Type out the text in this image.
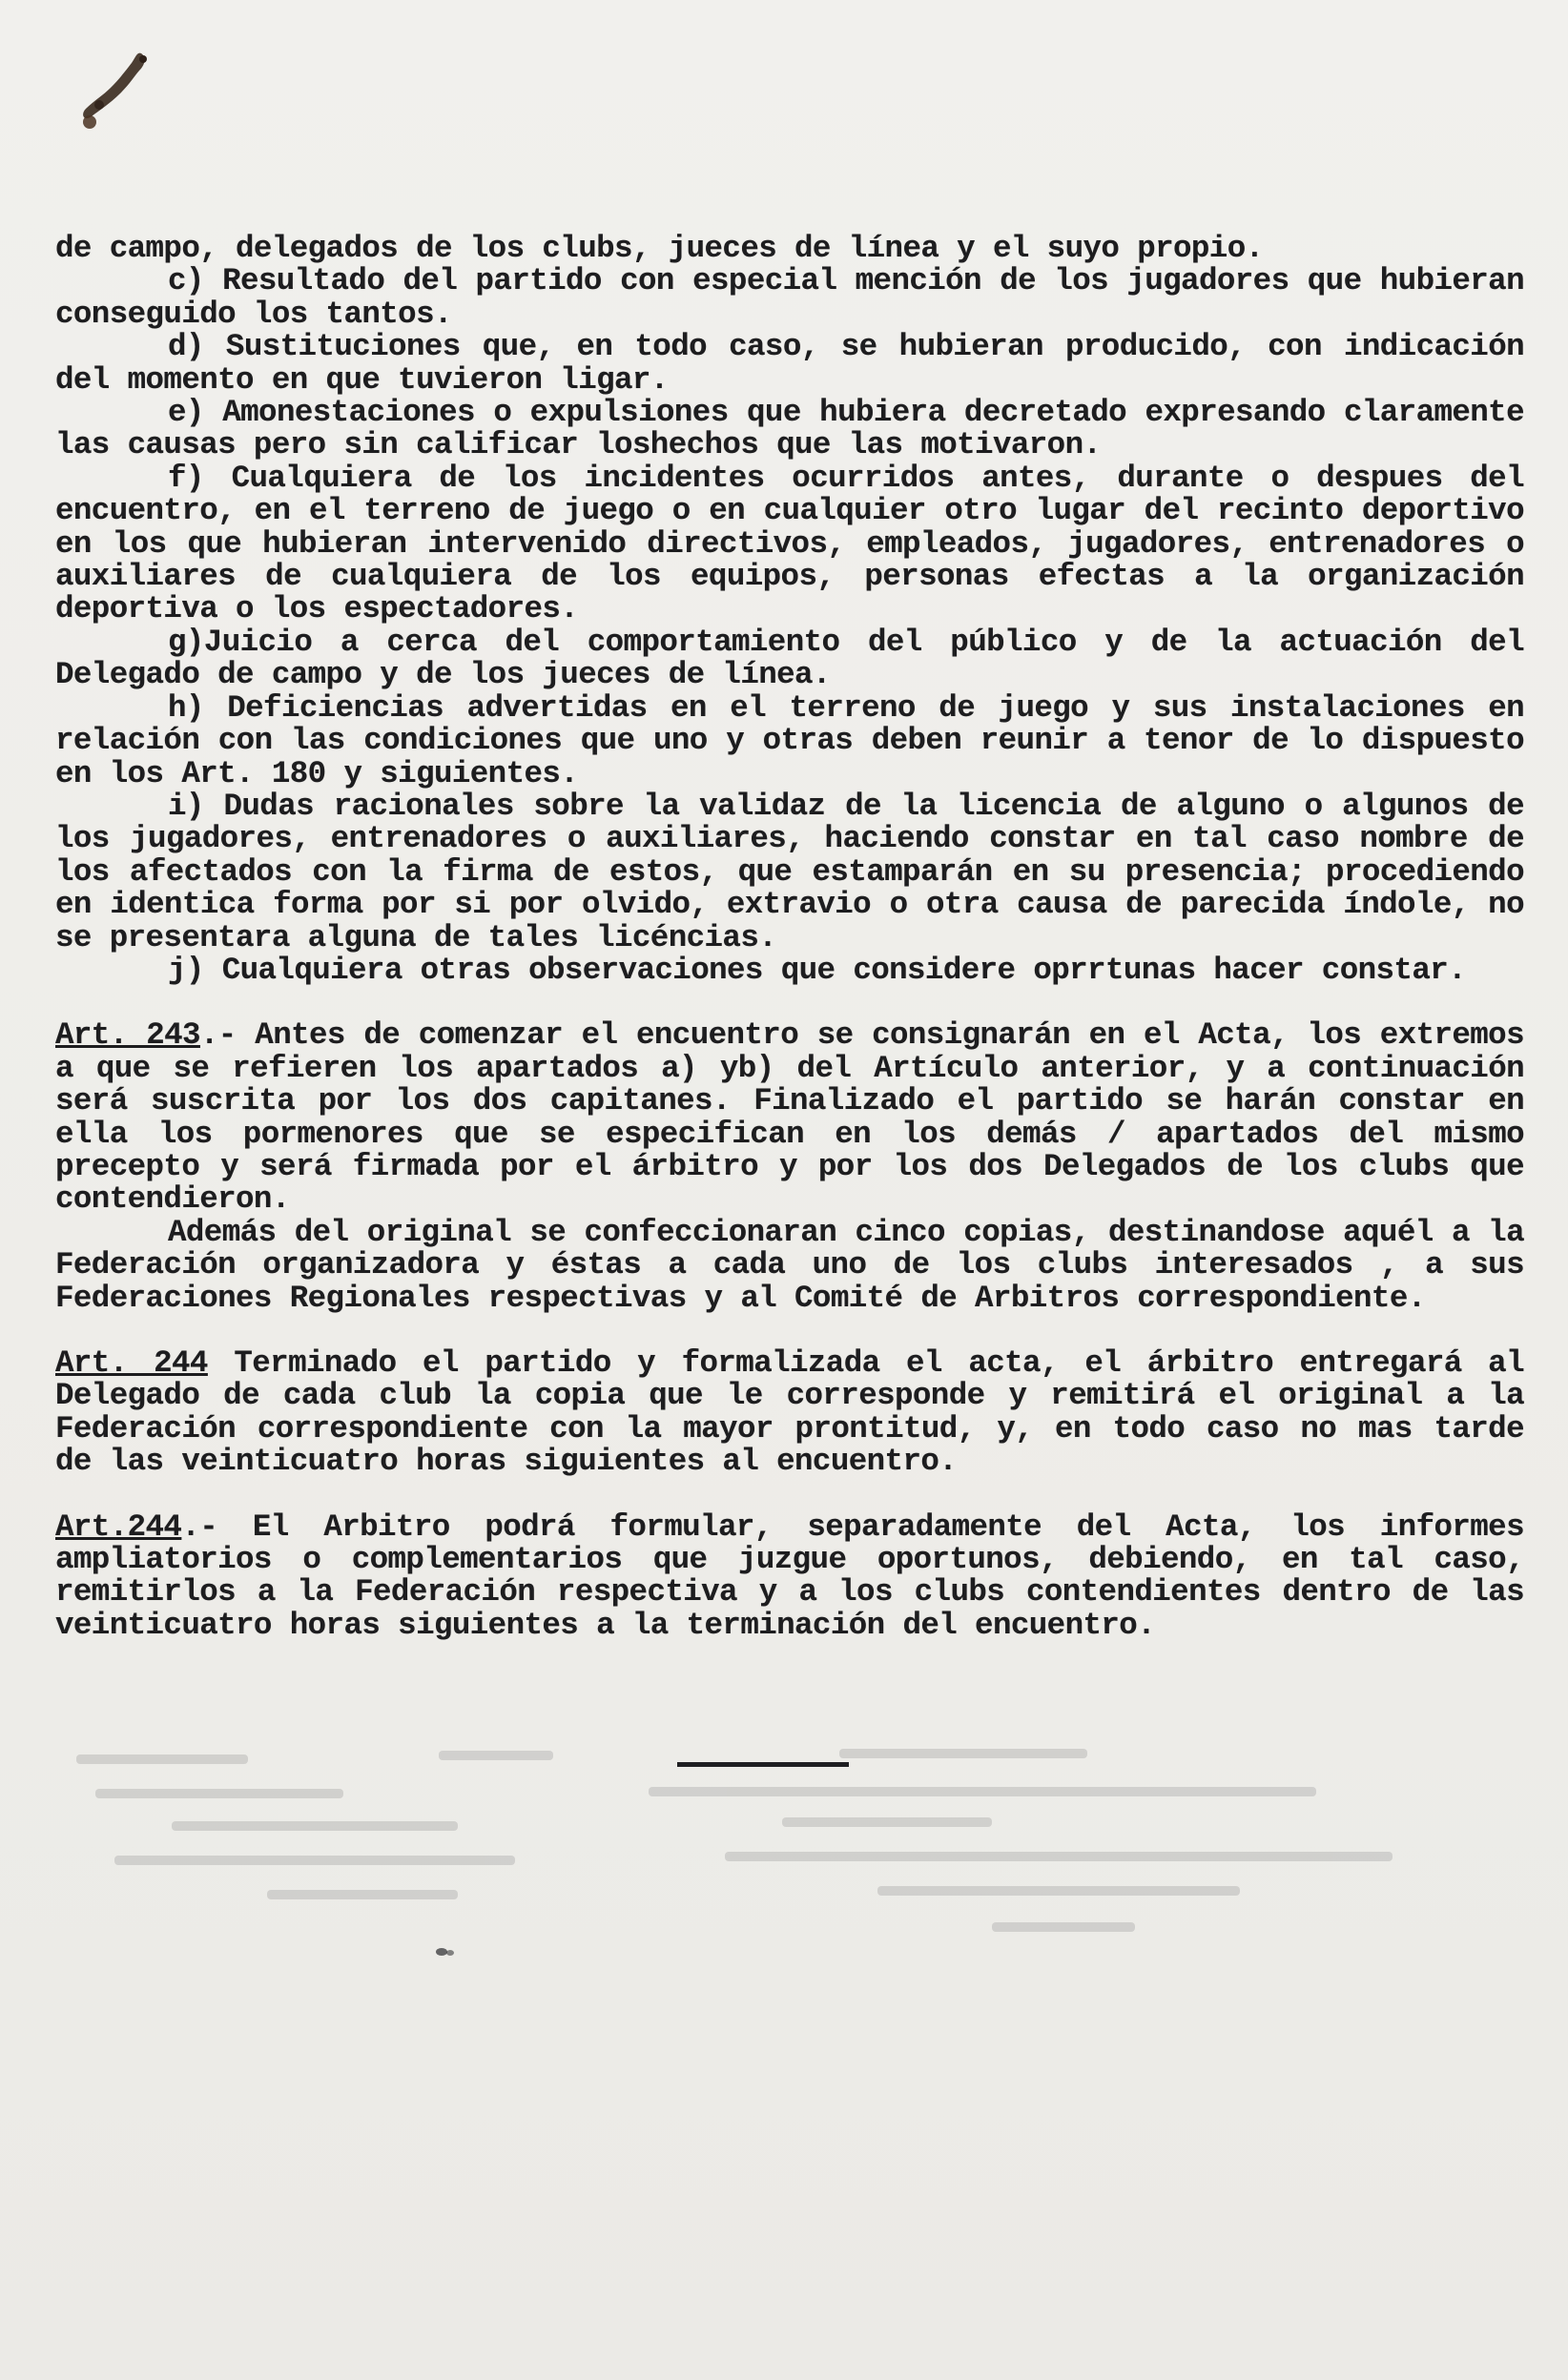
de campo, delegados de los clubs, jueces de línea y el suyo propio.

c) Resultado del partido con especial mención de los jugadores que hubieran conseguido los tantos.

d) Sustituciones que, en todo caso, se hubieran producido, con indicación del momento en que tuvieron ligar.

e) Amonestaciones o expulsiones que hubiera decretado expresando claramente las causas pero sin calificar loshechos que las motivaron.

f) Cualquiera de los incidentes ocurridos antes, durante o despues del encuentro, en el terreno de juego o en cualquier otro lugar del recinto deportivo en los que hubieran intervenido directivos, empleados, jugadores, entrenadores o auxiliares de cualquiera de los equipos, personas efectas a la organización deportiva o los espectadores.

g)Juicio a cerca del comportamiento del público y de la actuación del Delegado de campo y de los jueces de línea.

h) Deficiencias advertidas en el terreno de juego y sus instalaciones en relación con las condiciones que uno y otras deben reunir a tenor de lo dispuesto en los Art. 180 y siguientes.

i) Dudas racionales sobre la validaz de la licencia de alguno o algunos de los jugadores, entrenadores o auxiliares, haciendo constar en tal caso nombre de los afectados con la firma de estos, que estamparán en su presencia; procediendo en identica forma por si por olvido, extravio o otra causa de parecida índole, no se presentara alguna de tales licéncias.

j) Cualquiera otras observaciones que considere oprrtunas hacer constar.

Art. 243.- Antes de comenzar el encuentro se consignarán en el Acta, los extremos a que se refieren los apartados a) yb) del Artículo anterior, y a continuación será suscrita por los dos capitanes. Finalizado el partido se harán constar en ella los pormenores que se especifican en los demás / apartados del mismo precepto y será firmada por el árbitro y por los dos Delegados de los clubs que contendieron.

Además del original se confeccionaran cinco copias, destinandose aquél a la Federación organizadora y éstas a cada uno de los clubs interesados , a sus Federaciones Regionales respectivas y al Comité de Arbitros correspondiente.

Art. 244 Terminado el partido y formalizada el acta, el árbitro entregará al Delegado de cada club la copia que le corresponde y remitirá el original a la Federación correspondiente con la mayor prontitud, y, en todo caso no mas tarde de las veinticuatro horas siguientes al encuentro.

Art.244.- El Arbitro podrá formular, separadamente del Acta, los informes ampliatorios o complementarios que juzgue oportunos, debiendo, en tal caso, remitirlos a la Federación respectiva y a los clubs contendientes dentro de las veinticuatro horas siguientes a la terminación del encuentro.
